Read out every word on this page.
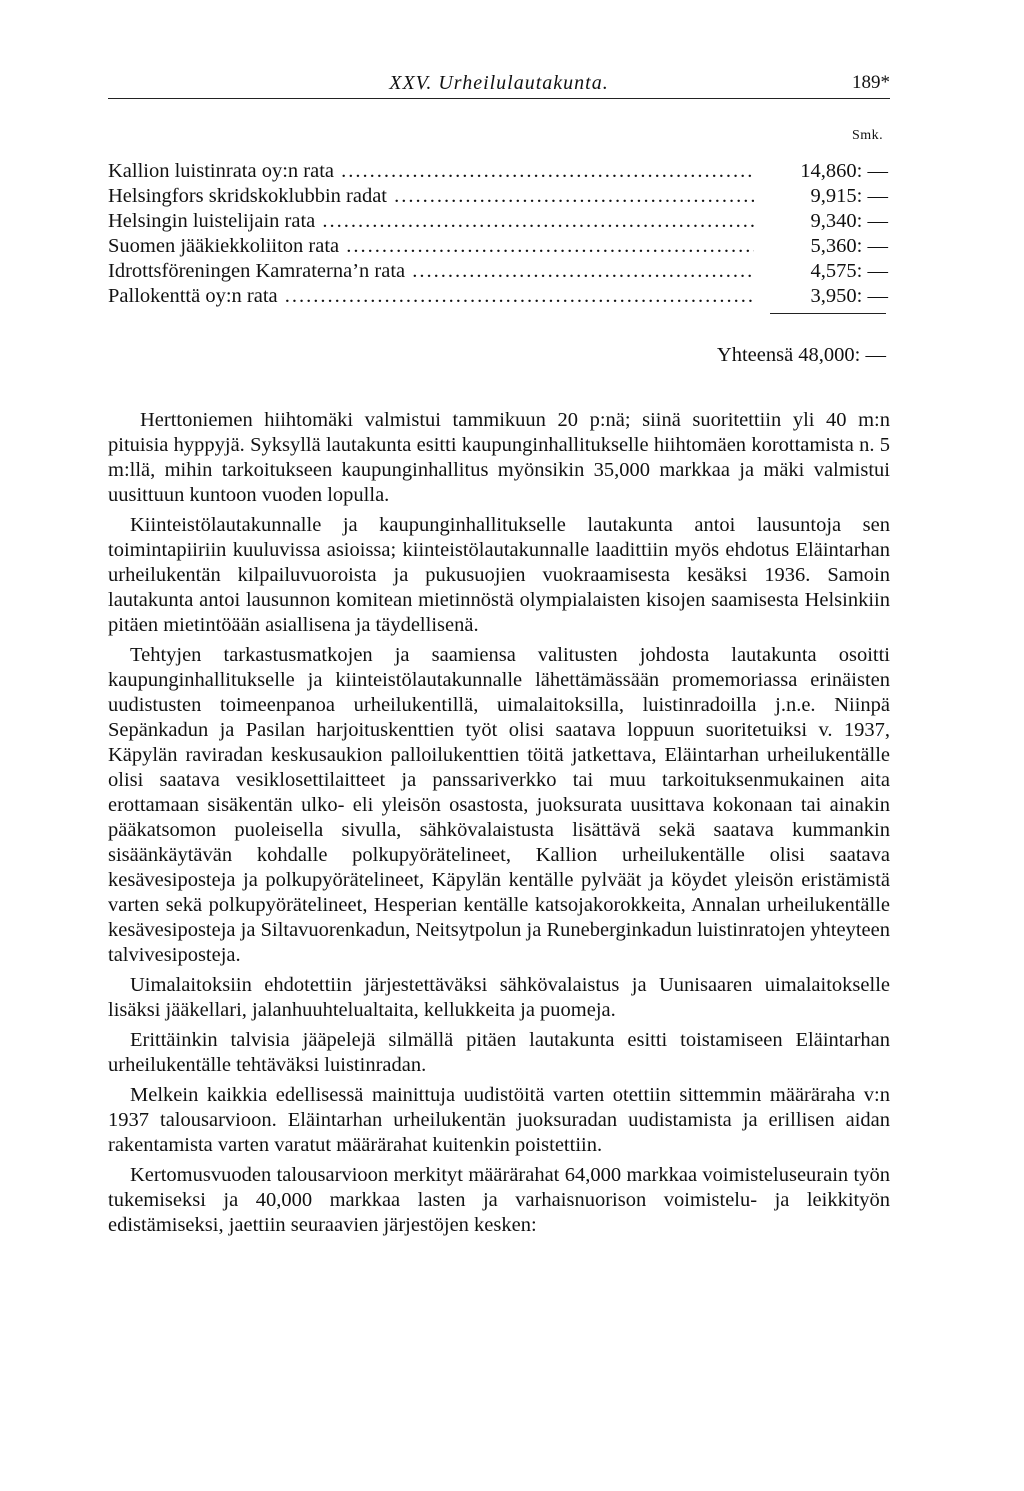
XXV. Urheilulautakunta.	189*
Smk.
Kallion luistinrata oy:n rata .....	14,860: —
Helsingfors skridskoklubbin radat .....	9,915: —
Helsingin luistelijain rata .....	9,340: —
Suomen jääkiekkoliiton rata .....	5,360: —
Idrottsföreningen Kamraterna’n rata .....	4,575: —
Pallokenttä oy:n rata .....	3,950: —
Yhteensä 48,000: —

Herttoniemen hiihtomäki valmistui tammikuun 20 p:nä; siinä suoritettiin yli 40 m:n pituisia hyppyjä. Syksyllä lautakunta esitti kaupunginhallitukselle hiihtomäen korottamista n. 5 m:llä, mihin tarkoitukseen kaupunginhallitus myönsikin 35,000 markkaa ja mäki valmistui uusittuun kuntoon vuoden lopulla.

Kiinteistölautakunnalle ja kaupunginhallitukselle lautakunta antoi lausuntoja sen toimintapiiriin kuuluvissa asioissa; kiinteistölautakunnalle laadittiin myös ehdotus Eläintarhan urheilukentän kilpailuvuoroista ja pukusuojien vuokraamisesta kesäksi 1936. Samoin lautakunta antoi lausunnon komitean mietinnöstä olympialaisten kisojen saamisesta Helsinkiin pitäen mietintöään asiallisena ja täydellisenä.

Tehtyjen tarkastusmatkojen ja saamiensa valitusten johdosta lautakunta osoitti kaupunginhallitukselle ja kiinteistölautakunnalle lähettämässään promemoriassa erinäisten uudistusten toimeenpanoa urheilukentillä, uimalaitoksilla, luistinradoilla j.n.e. Niinpä Sepänkadun ja Pasilan harjoituskenttien työt olisi saatava loppuun suoritetuiksi v. 1937, Käpylän raviradan keskusaukion palloilukenttien töitä jatkettava, Eläintarhan urheilukentälle olisi saatava vesiklosettilaitteet ja panssariverkko tai muu tarkoituksenmukainen aita erottamaan sisäkentän ulko- eli yleisön osastosta, juoksurata uusittava kokonaan tai ainakin pääkatsomon puoleisella sivulla, sähkövalaistusta lisättävä sekä saatava kummankin sisäänkäytävän kohdalle polkupyörätelineet, Kallion urheilukentälle olisi saatava kesävesiposteja ja polkupyörätelineet, Käpylän kentälle pylväät ja köydet yleisön eristämistä varten sekä polkupyörätelineet, Hesperian kentälle katsojakorokkeita, Annalan urheilukentälle kesävesiposteja ja Siltavuorenkadun, Neitsytpolun ja Runeberginkadun luistinratojen yhteyteen talvivesiposteja.

Uimalaitoksiin ehdotettiin järjestettäväksi sähkövalaistus ja Uunisaaren uimalaitokselle lisäksi jääkellari, jalanhuuhtelualtaita, kellukkeita ja puomeja.

Erittäinkin talvisia jääpelejä silmällä pitäen lautakunta esitti toistamiseen Eläintarhan urheilukentälle tehtäväksi luistinradan.

Melkein kaikkia edellisessä mainittuja uudistöitä varten otettiin sittemmin määräraha v:n 1937 talousarvioon. Eläintarhan urheilukentän juoksuradan uudistamista ja erillisen aidan rakentamista varten varatut määrärahat kuitenkin poistettiin.

Kertomusvuoden talousarvioon merkityt määrärahat 64,000 markkaa voimisteluseurain työn tukemiseksi ja 40,000 markkaa lasten ja varhaisnuorison voimistelu- ja leikkityön edistämiseksi, jaettiin seuraavien järjestöjen kesken:
